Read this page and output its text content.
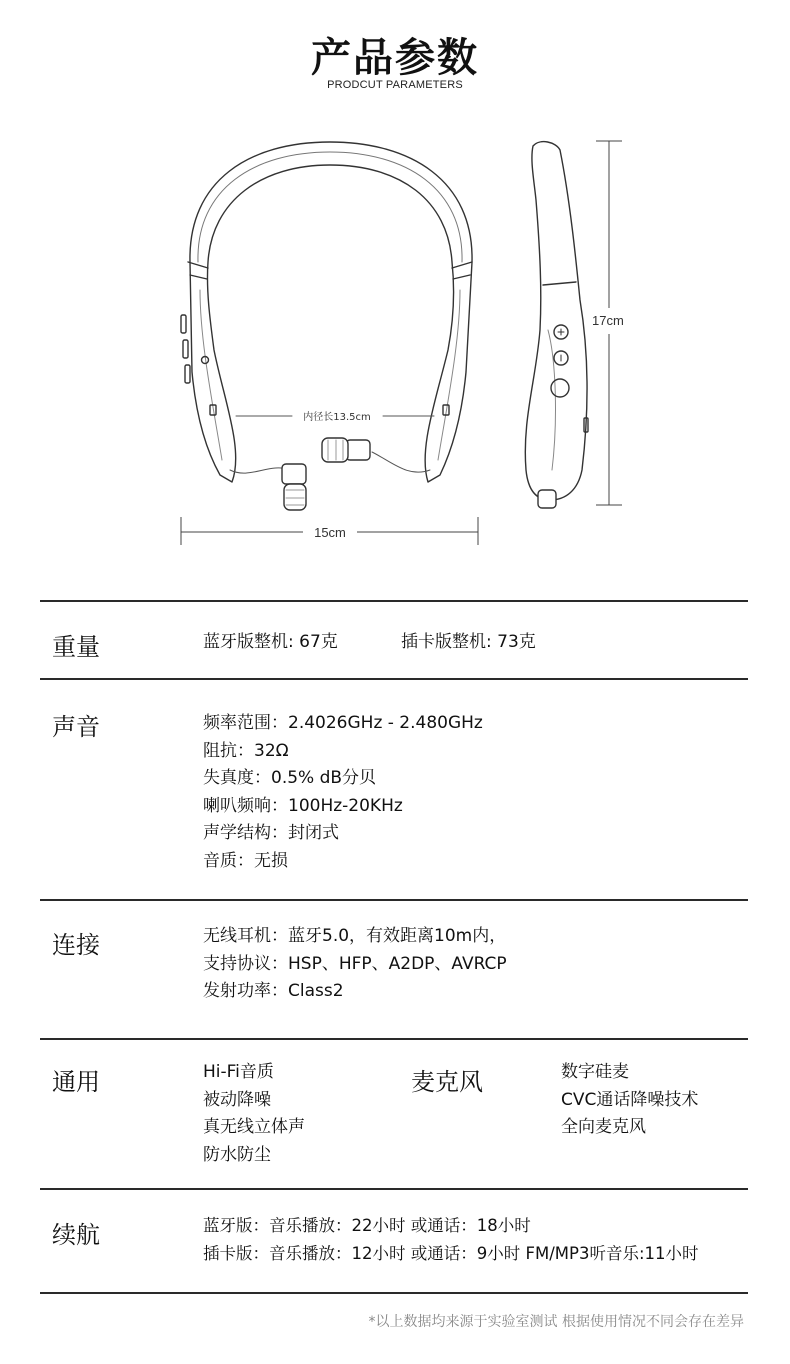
产品参数
PRODCUT PARAMETERS
内径长13.5cm
15cm
17cm
重量	蓝牙版整机: 67克	插卡版整机: 73克
声音	频率范围：2.4026GHz - 2.480GHz
阻抗：32Ω
失真度：0.5% dB分贝
喇叭频响：100Hz-20KHz
声学结构：封闭式
音质：无损
连接	无线耳机：蓝牙5.0，有效距离10m内，
支持协议：HSP、HFP、A2DP、AVRCP
发射功率：Class2
通用	Hi-Fi音质
被动降噪
真无线立体声
防水防尘
麦克风	数字硅麦
CVC通话降噪技术
全向麦克风
续航	蓝牙版：音乐播放：22小时 或通话：18小时
插卡版：音乐播放：12小时 或通话：9小时 FM/MP3听音乐:11小时
*以上数据均来源于实验室测试 根据使用情况不同会存在差异
